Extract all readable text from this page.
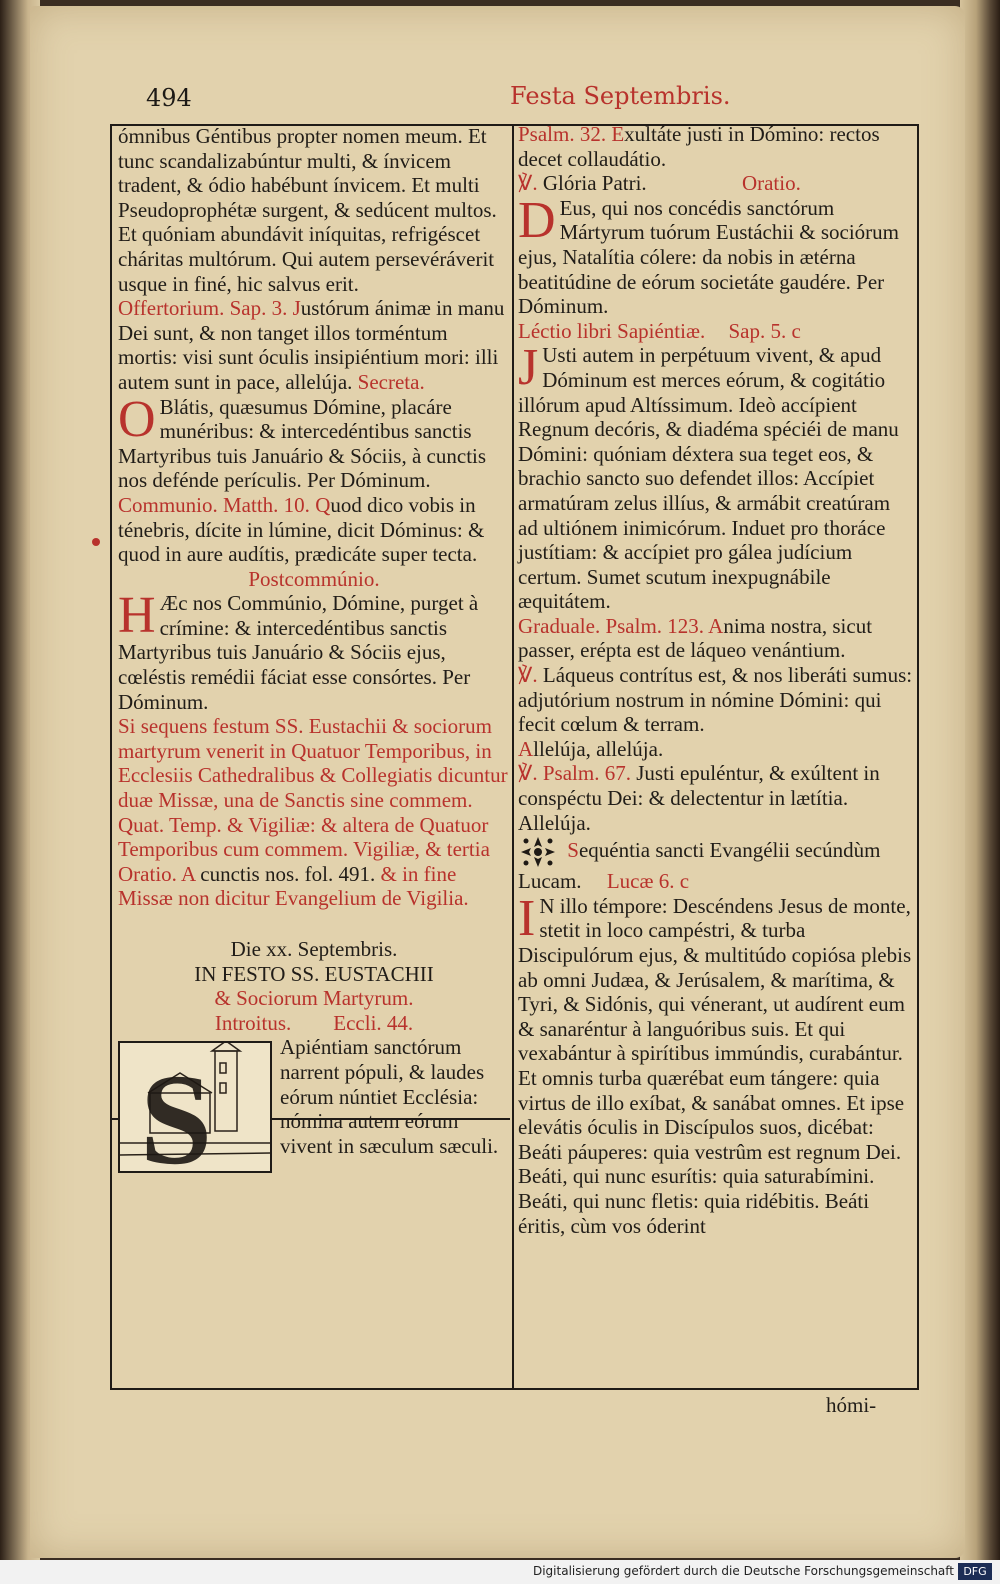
494	Festa Septembris.

ómnibus Géntibus propter nomen meum. Et tunc scandalizabúntur multi, & ínvicem tradent, & ódio habébunt ínvicem. Et multi Pseudoprophétæ surgent, & sedúcent multos. Et quóniam abundávit iníquitas, refrigéscet cháritas multórum. Qui autem persevéráverit usque in finé, hic salvus erit.

Offertorium. Sap. 3. Justórum ánimæ in manu Dei sunt, & non tanget illos torméntum mortis: visi sunt óculis insipiéntium mori: illi autem sunt in pace, allelúja. Secreta.

O Blátis, quæsumus Dómine, placáre munéribus: & intercedéntibus sanctis Martyribus tuis Januário & Sóciis, à cunctis nos defénde perículis. Per Dóminum.

Communio. Matth. 10. Quod dico vobis in ténebris, dícite in lúmine, dicit Dóminus: & quod in aure audítis, prædicáte super tecta.

Postcommúnio.

H Æc nos Commúnio, Dómine, purget à crímine: & intercedéntibus sanctis Martyribus tuis Januário & Sóciis ejus, cœléstis remédii fáciat esse consórtes. Per Dóminum.

Si sequens festum SS. Eustachii & sociorum martyrum venerit in Quatuor Temporibus, in Ecclesiis Cathedralibus & Collegiatis dicuntur duæ Missæ, una de Sanctis sine commem. Quat. Temp. & Vigiliæ: & altera de Quatuor Temporibus cum commem. Vigiliæ, & tertia Oratio. A cunctis nos. fol. 491. & in fine Missæ non dicitur Evangelium de Vigilia.

Die xx. Septembris.

IN FESTO SS. EUSTACHII

& Sociorum Martyrum.

Introitus. Eccli. 44.

S
Apiéntiam sanctórum narrent pópuli, & laudes eórum núntiet Ecclésia: nómina autem eórum vivent in sæculum sæculi.

Psalm. 32. Exultáte justi in Dómino: rectos decet collaudátio.

℣. Glória Patri.	Oratio.

D Eus, qui nos concédis sanctórum Mártyrum tuórum Eustáchii & sociórum ejus, Natalítia cólere: da nobis in ætérna beatitúdine de eórum societáte gaudére. Per Dóminum.

Léctio libri Sapiéntiæ. Sap. 5. c

J Usti autem in perpétuum vivent, & apud Dóminum est merces eórum, & cogitátio illórum apud Altíssimum. Ideò accípient Regnum decóris, & diadéma spéciéi de manu Dómini: quóniam déxtera sua teget eos, & brachio sancto suo defendet illos: Accípiet armatúram zelus illíus, & armábit creatúram ad ultiónem inimicórum. Induet pro thoráce justítiam: & accípiet pro gálea judícium certum. Sumet scutum inexpugnábile æquitátem.

Graduale. Psalm. 123. Anima nostra, sicut passer, erépta est de láqueo venántium.

℣. Láqueus contrítus est, & nos liberáti sumus: adjutórium nostrum in nómine Dómini: qui fecit cœlum & terram.

Allelúja, allelúja.

℣. Psalm. 67. Justi epuléntur, & exúltent in conspéctu Dei: & delectentur in lætítia. Allelúja.

Sequéntia sancti Evangélii secúndùm Lucam. Lucæ 6. c

I N illo témpore: Descéndens Jesus de monte, stetit in loco campéstri, & turba Discipulórum ejus, & multitúdo copiósa plebis ab omni Judæa, & Jerúsalem, & marítima, & Tyri, & Sidónis, qui vénerant, ut audírent eum & sanaréntur à languóribus suis. Et qui vexabántur à spirítibus immúndis, curabántur. Et omnis turba quærébat eum tángere: quia virtus de illo exíbat, & sanábat omnes. Et ipse elevátis óculis in Discípulos suos, dicébat: Beáti páuperes: quia vestrûm est regnum Dei. Beáti, qui nunc esurítis: quia saturabímini. Beáti, qui nunc fletis: quia ridébitis. Beáti éritis, cùm vos óderint

hómi-
Digitalisierung gefördert durch die Deutsche Forschungsgemeinschaft DFG
